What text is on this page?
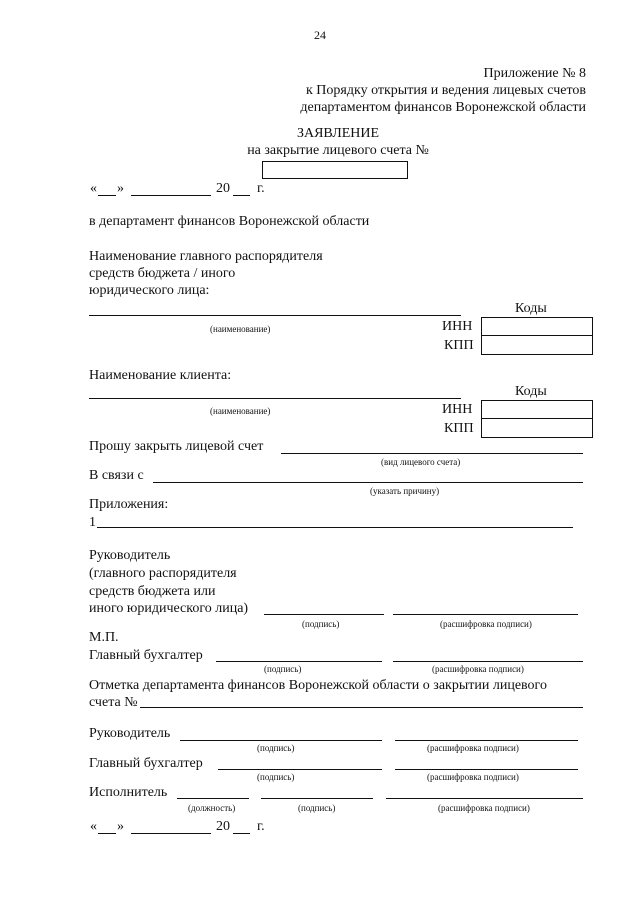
24
Приложение № 8
к Порядку открытия и ведения лицевых счетов
департаментом финансов Воронежской области
ЗАЯВЛЕНИЕ
на закрытие лицевого счета №
« »	20 г.
в департамент финансов Воронежской области
Наименование главного распорядителя
средств бюджета / иного
юридического лица:
Коды
(наименование)	ИНН
КПП
Наименование клиента:
Коды
(наименование)	ИНН
КПП
Прошу закрыть лицевой счет
(вид лицевого счета)
В связи с
(указать причину)
Приложения:
1
Руководитель
(главного распорядителя
средств бюджета или
иного юридического лица)
(подпись)	(расшифровка подписи)
М.П.
Главный бухгалтер
(подпись)	(расшифровка подписи)
Отметка департамента финансов Воронежской области о закрытии лицевого
счета №
Руководитель
(подпись)	(расшифровка подписи)
Главный бухгалтер
(подпись)	(расшифровка подписи)
Исполнитель
(должность)	(подпись)	(расшифровка подписи)
« »	20 г.
